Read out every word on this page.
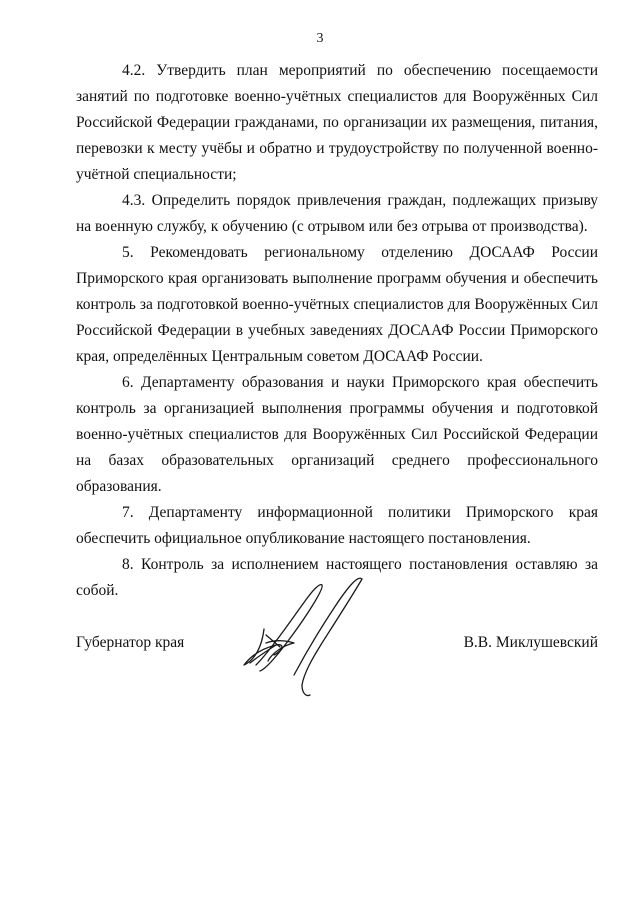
3

4.2. Утвердить план мероприятий по обеспечению посещаемости занятий по подготовке военно-учётных специалистов для Вооружённых Сил Российской Федерации гражданами, по организации их размещения, питания, перевозки к месту учёбы и обратно и трудоустройству по полученной военно-учётной специальности;

4.3. Определить порядок привлечения граждан, подлежащих призыву на военную службу, к обучению (с отрывом или без отрыва от производства).

5. Рекомендовать региональному отделению ДОСААФ России Приморского края организовать выполнение программ обучения и обеспечить контроль за подготовкой военно-учётных специалистов для Вооружённых Сил Российской Федерации в учебных заведениях ДОСААФ России Приморского края, определённых Центральным советом ДОСААФ России.

6. Департаменту образования и науки Приморского края обеспечить контроль за организацией выполнения программы обучения и подготовкой военно-учётных специалистов для Вооружённых Сил Российской Федерации на базах образовательных организаций среднего профессионального образования.

7. Департаменту информационной политики Приморского края обеспечить официальное опубликование настоящего постановления.

8. Контроль за исполнением настоящего постановления оставляю за собой.

Губернатор края	В.В. Миклушевский
